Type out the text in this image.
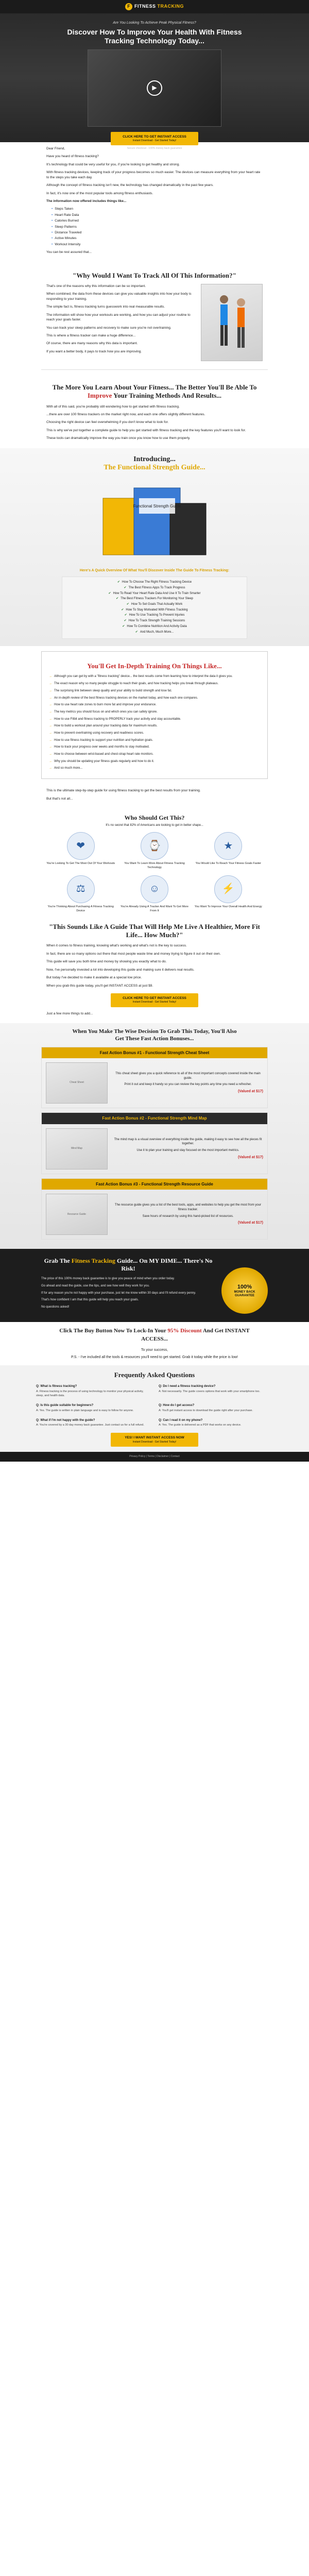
F FITNESS TRACKING
Are You Looking To Achieve Peak Physical Fitness?
Discover How To Improve Your Health With Fitness Tracking Technology Today...
▶
CLICK HERE TO GET INSTANT ACCESS
Instant Download - Get Started Today!
Secure checkout - 100% money back guarantee

Dear Friend,

Have you heard of fitness tracking?

It's technology that could be very useful for you, if you're looking to get healthy and strong.

With fitness tracking devices, keeping track of your progress becomes so much easier. The devices can measure everything from your heart rate to the steps you take each day.

Although the concept of fitness tracking isn't new, the technology has changed dramatically in the past few years.

In fact, it's now one of the most popular tools among fitness enthusiasts.

The information now offered includes things like...

• Steps Taken
• Heart Rate Data
• Calories Burned
• Sleep Patterns
• Distance Traveled
• Active Minutes
• Workout Intensity

You can be rest assured that...

"Why Would I Want To Track All Of This Information?"

That's one of the reasons why this information can be so important.

When combined, the data from these devices can give you valuable insights into how your body is responding to your training.

The simple fact is, fitness tracking turns guesswork into real measurable results.

The information will show how your workouts are working, and how you can adjust your routine to reach your goals faster.

You can track your sleep patterns and recovery to make sure you're not overtraining.

This is where a fitness tracker can make a huge difference...

Of course, there are many reasons why this data is important.

If you want a better body, it pays to track how you are improving.

The More You Learn About Your Fitness... The Better You'll Be Able To Improve Your Training Methods And Results...

With all of this said, you're probably still wondering how to get started with fitness tracking.

...there are over 100 fitness trackers on the market right now, and each one offers slightly different features.

Choosing the right device can feel overwhelming if you don't know what to look for.

This is why we've put together a complete guide to help you get started with fitness tracking and the key features you'll want to look for.

These tools can dramatically improve the way you train once you know how to use them properly.

Introducing...
The Functional Strength Guide...
Functional Strength Guide
Here's A Quick Overview Of What You'll Discover Inside The Guide To Fitness Tracking:
✔ How To Choose The Right Fitness Tracking Device
✔ The Best Fitness Apps To Track Progress
✔ How To Read Your Heart Rate Data And Use It To Train Smarter
✔ The Best Fitness Trackers For Monitoring Your Sleep
✔ How To Set Goals That Actually Work
✔ How To Stay Motivated With Fitness Tracking
✔ How To Use Tracking To Prevent Injuries
✔ How To Track Strength Training Sessions
✔ How To Combine Nutrition And Activity Data
✔ And Much, Much More...
You'll Get In-Depth Training On Things Like...
→ Although you can get by with a "fitness tracking" device... the best results come from learning how to interpret the data it gives you.
→ The exact reason why so many people struggle to reach their goals, and how tracking helps you break through plateaus.
→ The surprising link between sleep quality and your ability to build strength and lose fat.
→ An in-depth review of the best fitness tracking devices on the market today, and how each one compares.
→ How to use heart rate zones to burn more fat and improve your endurance.
→ The key metrics you should focus on and which ones you can safely ignore.
→ How to use Fitbit and fitness tracking to PROPERLY track your activity and stay accountable.
→ How to build a workout plan around your tracking data for maximum results.
→ How to prevent overtraining using recovery and readiness scores.
→ How to use fitness tracking to support your nutrition and hydration goals.
→ How to track your progress over weeks and months to stay motivated.
→ How to choose between wrist-based and chest-strap heart rate monitors.
→ Why you should be updating your fitness goals regularly and how to do it.
→ And so much more...

This is the ultimate step-by-step guide for using fitness tracking to get the best results from your training.

But that's not all...

Who Should Get This?
It's no secret that 82% of Americans are looking to get in better shape...
❤
You're Looking To Get The Most Out Of Your Workouts
⌚
You Want To Learn More About Fitness Tracking Technology
★
You Would Like To Reach Your Fitness Goals Faster
⚖
You're Thinking About Purchasing A Fitness Tracking Device
☺
You're Already Using A Tracker And Want To Get More From It
⚡
You Want To Improve Your Overall Health And Energy
"This Sounds Like A Guide That Will Help Me Live A Healthier, More Fit Life... How Much?"

When it comes to fitness training, knowing what's working and what's not is the key to success.

In fact, there are so many options out there that most people waste time and money trying to figure it out on their own.

This guide will save you both time and money by showing you exactly what to do.

Now, I've personally invested a lot into developing this guide and making sure it delivers real results.

But today I've decided to make it available at a special low price.

When you grab this guide today, you'll get INSTANT ACCESS at just $9.

CLICK HERE TO GET INSTANT ACCESS
Instant Download - Get Started Today!

Just a few more things to add...

When You Make The Wise Decision To Grab This Today, You'll Also Get These Fast Action Bonuses...
Fast Action Bonus #1 - Functional Strength Cheat Sheet
Cheat Sheet

This cheat sheet gives you a quick reference to all of the most important concepts covered inside the main guide.

Print it out and keep it handy so you can review the key points any time you need a refresher.

(Valued at $17)
Fast Action Bonus #2 - Functional Strength Mind Map
Mind Map

The mind map is a visual overview of everything inside the guide, making it easy to see how all the pieces fit together.

Use it to plan your training and stay focused on the most important metrics.

(Valued at $17)
Fast Action Bonus #3 - Functional Strength Resource Guide
Resource Guide

The resource guide gives you a list of the best tools, apps, and websites to help you get the most from your fitness tracker.

Save hours of research by using this hand-picked list of resources.

(Valued at $17)
Grab The Fitness Tracking Guide... On MY DIME... There's No Risk!

The price of this 100% money back guarantee is to give you peace of mind when you order today.

Go ahead and read the guide, use the tips, and see how well they work for you.

If for any reason you're not happy with your purchase, just let me know within 30 days and I'll refund every penny.

That's how confident I am that this guide will help you reach your goals.

No questions asked!

100%
MONEY BACK
GUARANTEE
Click The Buy Button Now To Lock-In Your 95% Discount And Get INSTANT ACCESS...

To your success,

P.S. - I've included all the tools & resources you'll need to get started. Grab it today while the price is low!

Frequently Asked Questions
Q: What is fitness tracking?
A: Fitness tracking is the process of using technology to monitor your physical activity, sleep, and health data.
Q: Do I need a fitness tracking device?
A: Not necessarily. The guide covers options that work with your smartphone too.
Q: Is this guide suitable for beginners?
A: Yes. The guide is written in plain language and is easy to follow for anyone.
Q: How do I get access?
A: You'll get instant access to download the guide right after your purchase.
Q: What if I'm not happy with the guide?
A: You're covered by a 30 day money back guarantee. Just contact us for a full refund.
Q: Can I read it on my phone?
A: Yes. The guide is delivered as a PDF that works on any device.
YES! I WANT INSTANT ACCESS NOW
Instant Download - Get Started Today!
Privacy Policy | Terms | Disclaimer | Contact
